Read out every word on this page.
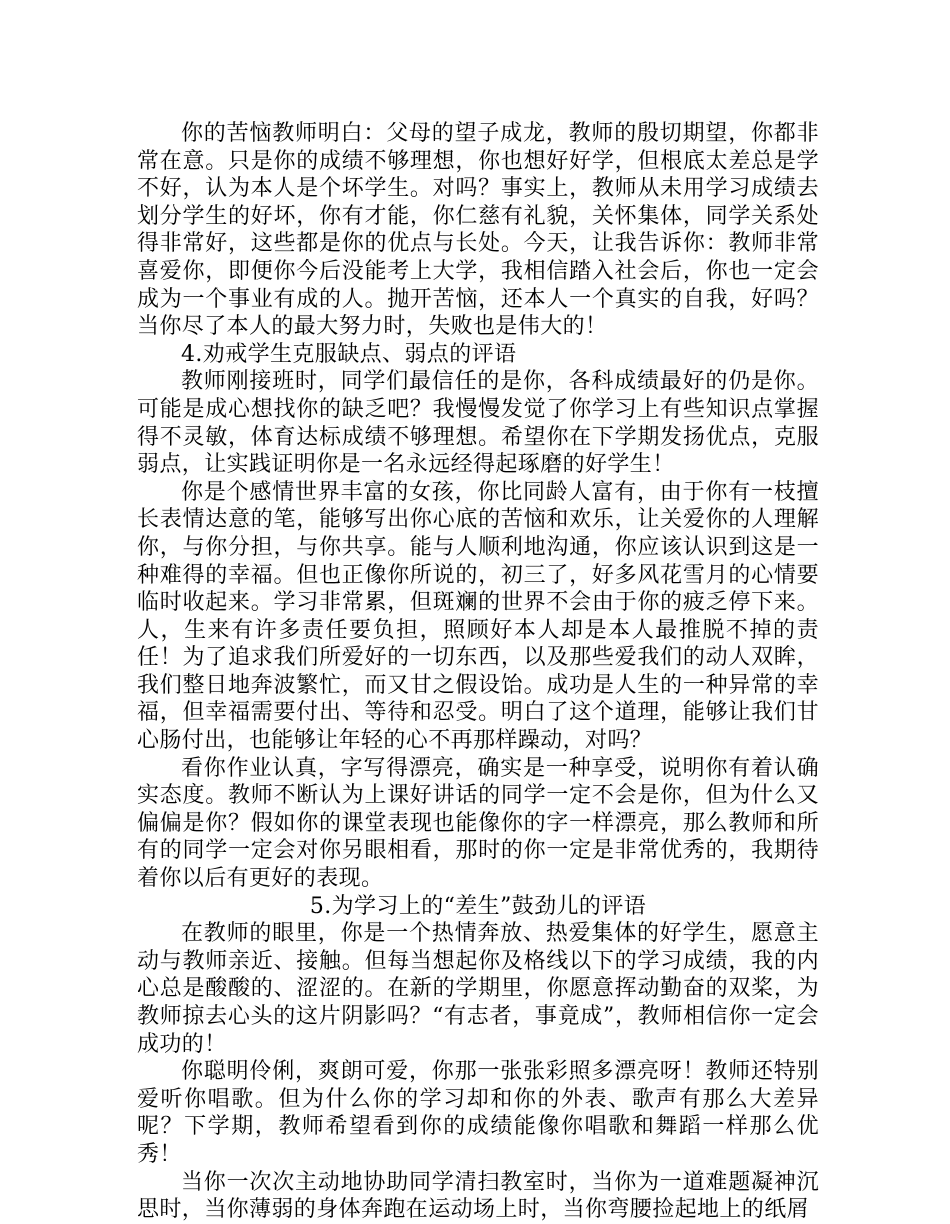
你的苦恼教师明白：父母的望子成龙，教师的殷切期望，你都非常在意。只是你的成绩不够理想，你也想好好学，但根底太差总是学不好，认为本人是个坏学生。对吗？事实上，教师从未用学习成绩去划分学生的好坏，你有才能，你仁慈有礼貌，关怀集体，同学关系处得非常好，这些都是你的优点与长处。今天，让我告诉你：教师非常喜爱你，即便你今后没能考上大学，我相信踏入社会后，你也一定会成为一个事业有成的人。抛开苦恼，还本人一个真实的自我，好吗？当你尽了本人的最大努力时，失败也是伟大的！

4.劝戒学生克服缺点、弱点的评语

教师刚接班时，同学们最信任的是你，各科成绩最好的仍是你。可能是成心想找你的缺乏吧？我慢慢发觉了你学习上有些知识点掌握得不灵敏，体育达标成绩不够理想。希望你在下学期发扬优点，克服弱点，让实践证明你是一名永远经得起琢磨的好学生！

你是个感情世界丰富的女孩，你比同龄人富有，由于你有一枝擅长表情达意的笔，能够写出你心底的苦恼和欢乐，让关爱你的人理解你，与你分担，与你共享。能与人顺利地沟通，你应该认识到这是一种难得的幸福。但也正像你所说的，初三了，好多风花雪月的心情要临时收起来。学习非常累，但斑斓的世界不会由于你的疲乏停下来。人，生来有许多责任要负担，照顾好本人却是本人最推脱不掉的责任！为了追求我们所爱好的一切东西，以及那些爱我们的动人双眸，我们整日地奔波繁忙，而又甘之假设饴。成功是人生的一种异常的幸福，但幸福需要付出、等待和忍受。明白了这个道理，能够让我们甘心肠付出，也能够让年轻的心不再那样躁动，对吗？

看你作业认真，字写得漂亮，确实是一种享受，说明你有着认确实态度。教师不断认为上课好讲话的同学一定不会是你，但为什么又偏偏是你？假如你的课堂表现也能像你的字一样漂亮，那么教师和所有的同学一定会对你另眼相看，那时的你一定是非常优秀的，我期待着你以后有更好的表现。

5.为学习上的“差生”鼓劲儿的评语

在教师的眼里，你是一个热情奔放、热爱集体的好学生，愿意主动与教师亲近、接触。但每当想起你及格线以下的学习成绩，我的内心总是酸酸的、涩涩的。在新的学期里，你愿意挥动勤奋的双桨，为教师掠去心头的这片阴影吗？“有志者，事竟成”，教师相信你一定会成功的！

你聪明伶俐，爽朗可爱，你那一张张彩照多漂亮呀！教师还特别爱听你唱歌。但为什么你的学习却和你的外表、歌声有那么大差异呢？下学期，教师希望看到你的成绩能像你唱歌和舞蹈一样那么优秀！

当你一次次主动地协助同学清扫教室时，当你为一道难题凝神沉思时，当你薄弱的身体奔跑在运动场上时，当你弯腰捡起地上的纸屑
